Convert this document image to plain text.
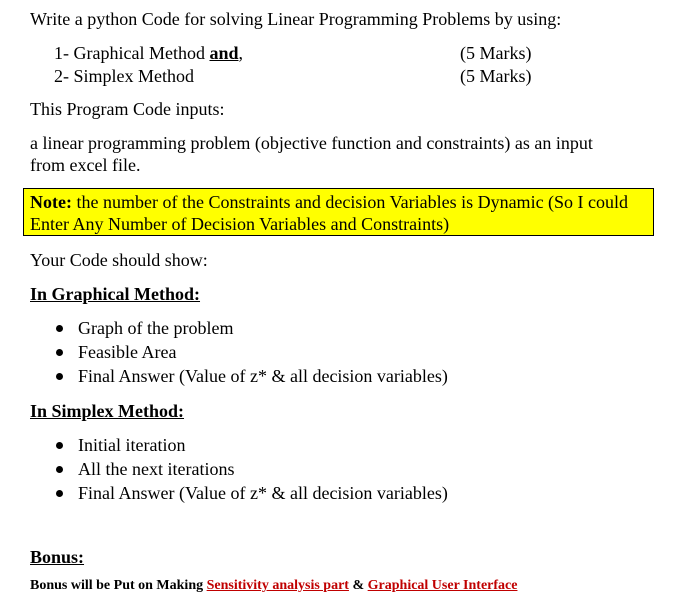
Write a python Code for solving Linear Programming Problems by using:
1- Graphical Method and,	(5 Marks)
2- Simplex Method	(5 Marks)
This Program Code inputs:
a linear programming problem (objective function and constraints) as an input
from excel file.
Note: the number of the Constraints and decision Variables is Dynamic (So I could
Enter Any Number of Decision Variables and Constraints)
Your Code should show:
In Graphical Method:
Graph of the problem
Feasible Area
Final Answer (Value of z* & all decision variables)
In Simplex Method:
Initial iteration
All the next iterations
Final Answer (Value of z* & all decision variables)
Bonus:
Bonus will be Put on Making Sensitivity analysis part & Graphical User Interface
